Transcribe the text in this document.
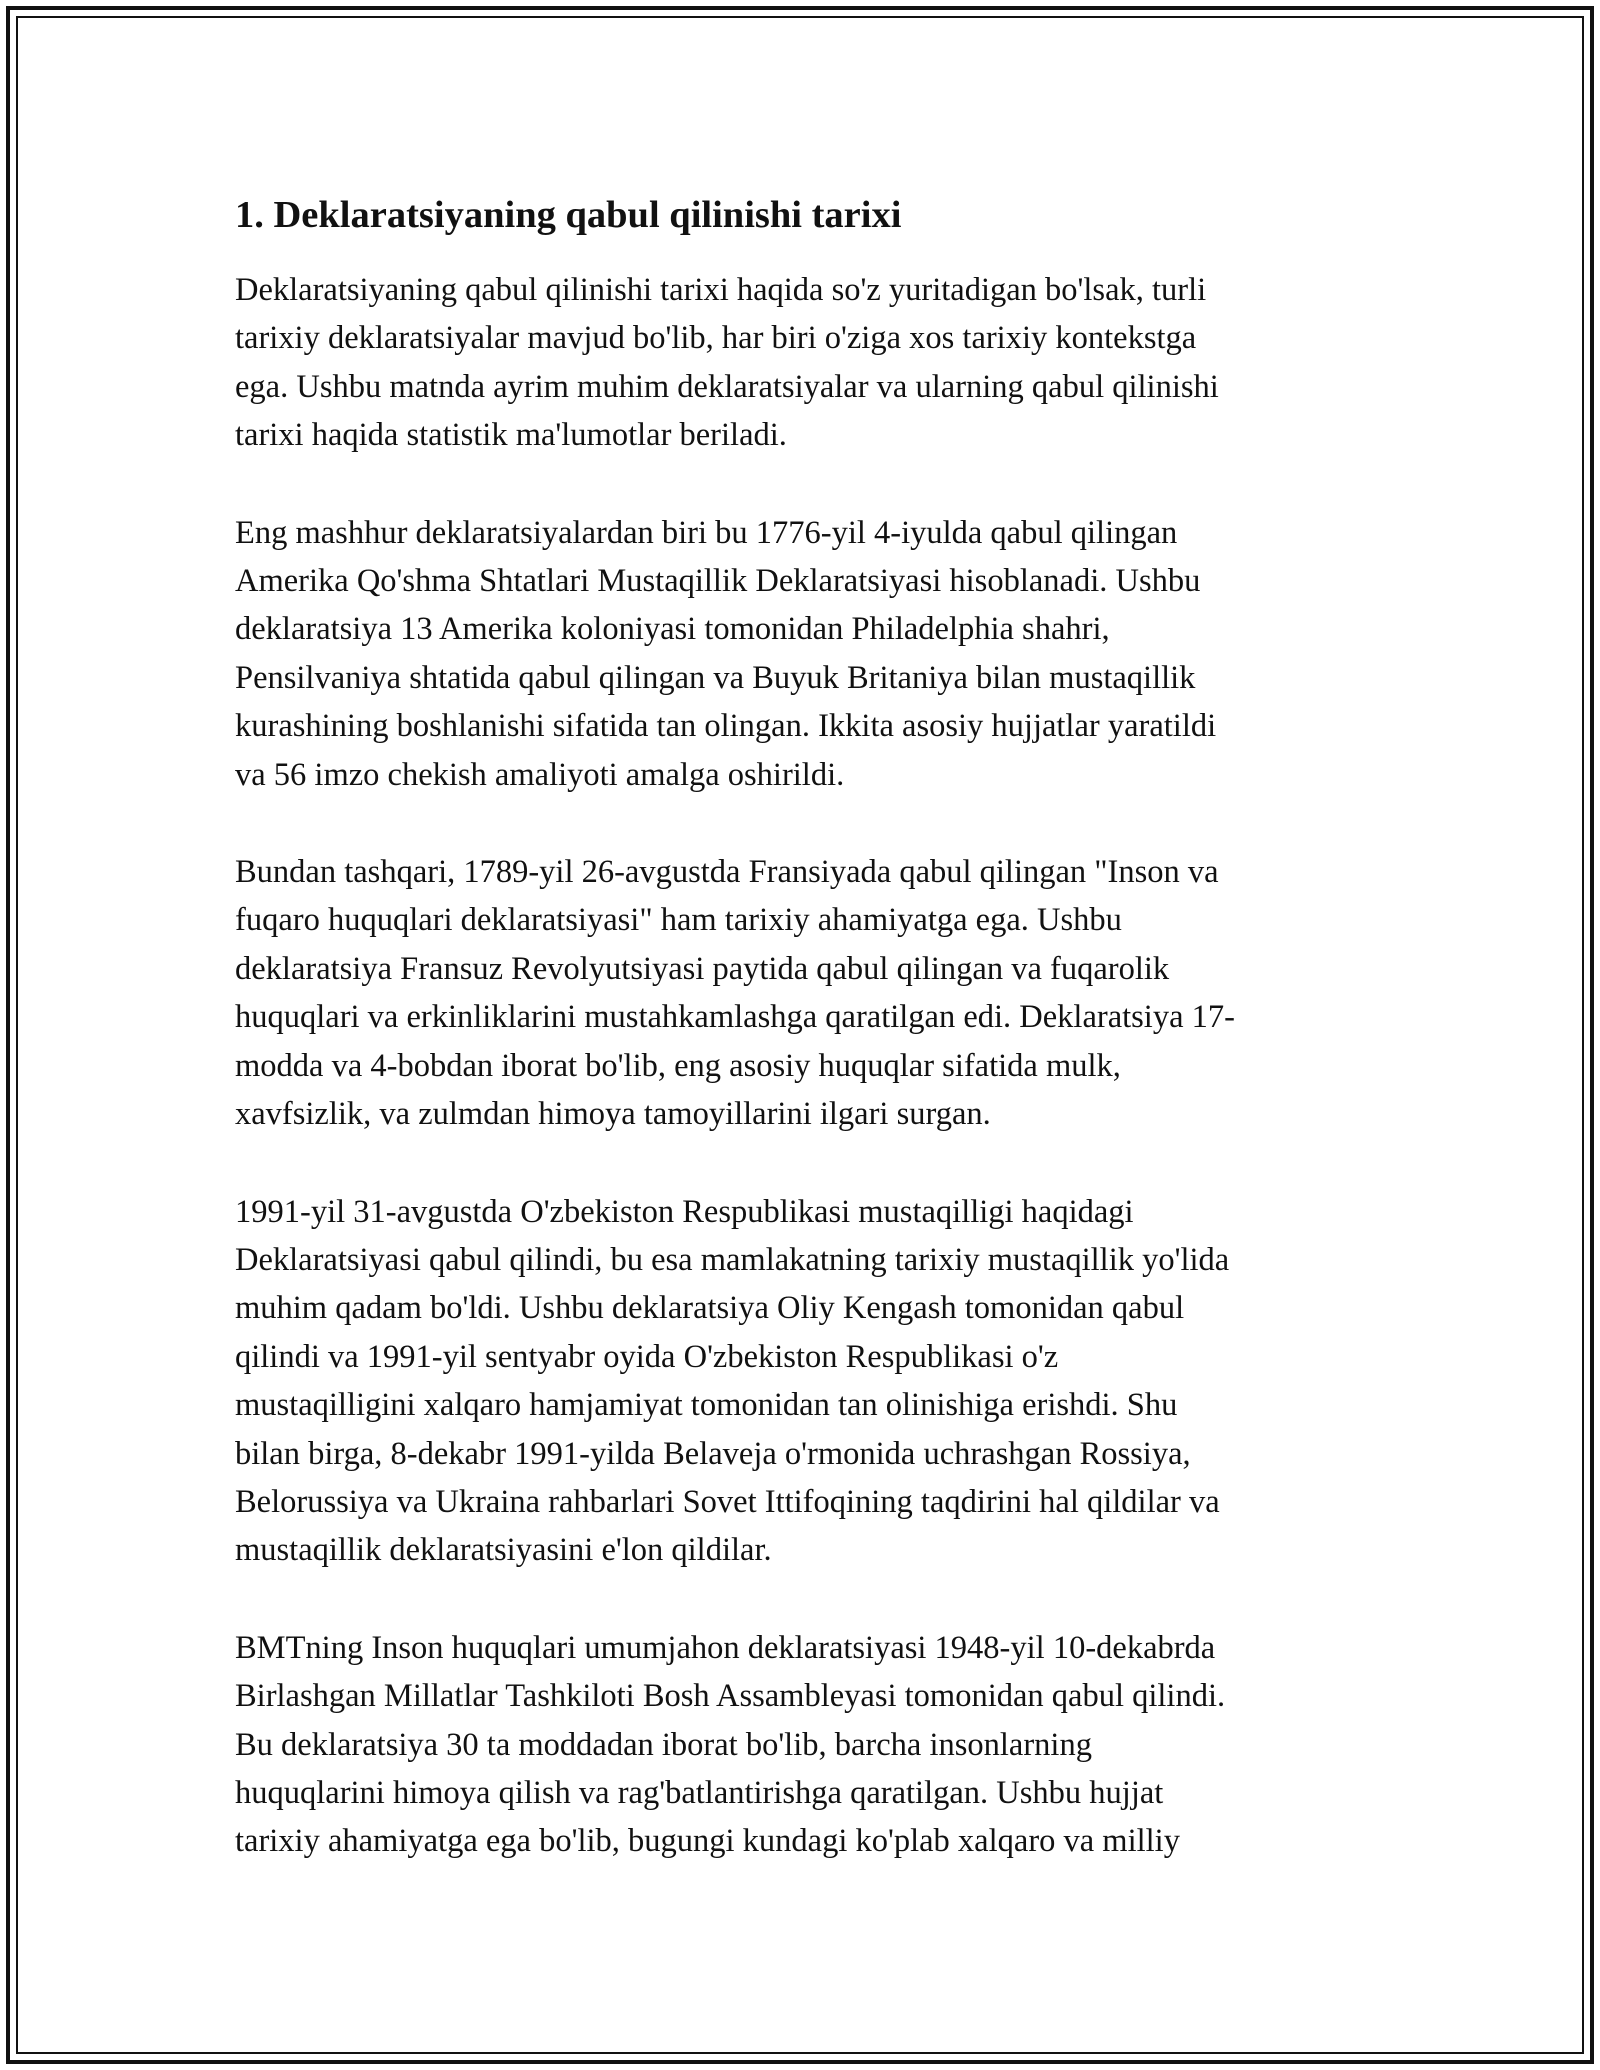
1. Deklaratsiyaning qabul qilinishi tarixi

Deklaratsiyaning qabul qilinishi tarixi haqida so'z yuritadigan bo'lsak, turli
tarixiy deklaratsiyalar mavjud bo'lib, har biri o'ziga xos tarixiy kontekstga
ega. Ushbu matnda ayrim muhim deklaratsiyalar va ularning qabul qilinishi
tarixi haqida statistik ma'lumotlar beriladi.

Eng mashhur deklaratsiyalardan biri bu 1776-yil 4-iyulda qabul qilingan
Amerika Qo'shma Shtatlari Mustaqillik Deklaratsiyasi hisoblanadi. Ushbu
deklaratsiya 13 Amerika koloniyasi tomonidan Philadelphia shahri,
Pensilvaniya shtatida qabul qilingan va Buyuk Britaniya bilan mustaqillik
kurashining boshlanishi sifatida tan olingan. Ikkita asosiy hujjatlar yaratildi
va 56 imzo chekish amaliyoti amalga oshirildi.

Bundan tashqari, 1789-yil 26-avgustda Fransiyada qabul qilingan "Inson va
fuqaro huquqlari deklaratsiyasi" ham tarixiy ahamiyatga ega. Ushbu
deklaratsiya Fransuz Revolyutsiyasi paytida qabul qilingan va fuqarolik
huquqlari va erkinliklarini mustahkamlashga qaratilgan edi. Deklaratsiya 17-
modda va 4-bobdan iborat bo'lib, eng asosiy huquqlar sifatida mulk,
xavfsizlik, va zulmdan himoya tamoyillarini ilgari surgan.

1991-yil 31-avgustda O'zbekiston Respublikasi mustaqilligi haqidagi
Deklaratsiyasi qabul qilindi, bu esa mamlakatning tarixiy mustaqillik yo'lida
muhim qadam bo'ldi. Ushbu deklaratsiya Oliy Kengash tomonidan qabul
qilindi va 1991-yil sentyabr oyida O'zbekiston Respublikasi o'z
mustaqilligini xalqaro hamjamiyat tomonidan tan olinishiga erishdi. Shu
bilan birga, 8-dekabr 1991-yilda Belaveja o'rmonida uchrashgan Rossiya,
Belorussiya va Ukraina rahbarlari Sovet Ittifoqining taqdirini hal qildilar va
mustaqillik deklaratsiyasini e'lon qildilar.

BMTning Inson huquqlari umumjahon deklaratsiyasi 1948-yil 10-dekabrda
Birlashgan Millatlar Tashkiloti Bosh Assambleyasi tomonidan qabul qilindi.
Bu deklaratsiya 30 ta moddadan iborat bo'lib, barcha insonlarning
huquqlarini himoya qilish va rag'batlantirishga qaratilgan. Ushbu hujjat
tarixiy ahamiyatga ega bo'lib, bugungi kundagi ko'plab xalqaro va milliy
